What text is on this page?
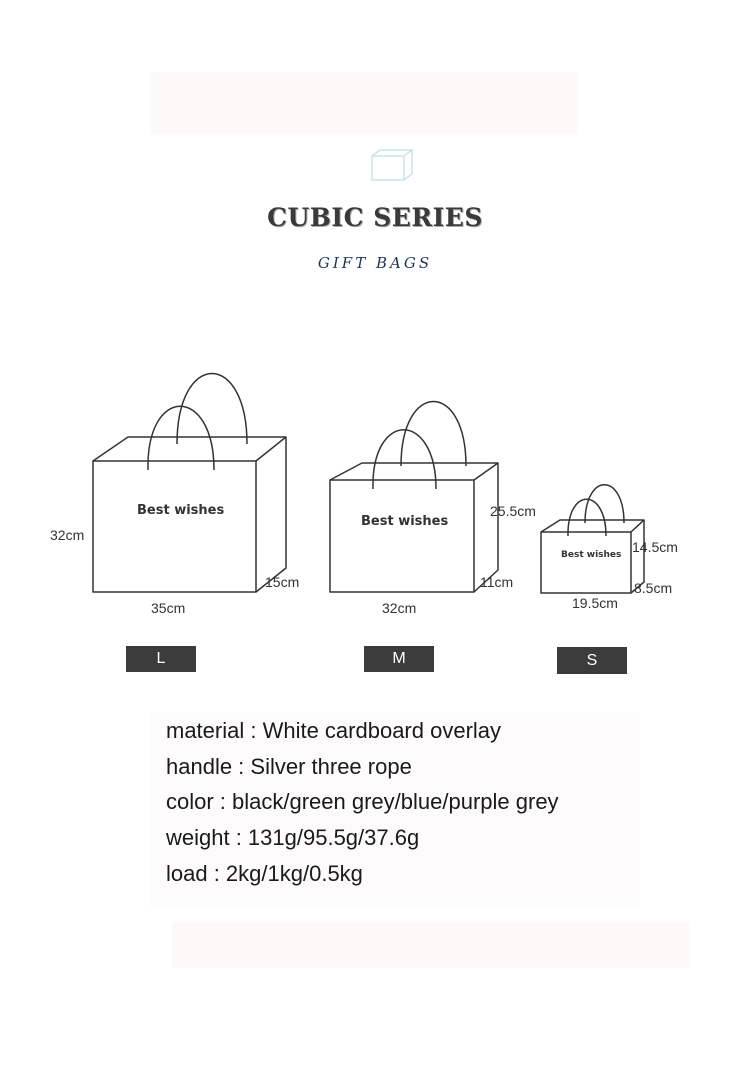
CUBIC SERIES
GIFT BAGS
Best wishes
Best wishes
Best wishes
32cm
35cm
15cm
25.5cm
32cm
11cm
14.5cm
19.5cm
8.5cm
L	M	S
material : White cardboard overlay
handle : Silver three rope
color : black/green grey/blue/purple grey
weight : 131g/95.5g/37.6g
load : 2kg/1kg/0.5kg
